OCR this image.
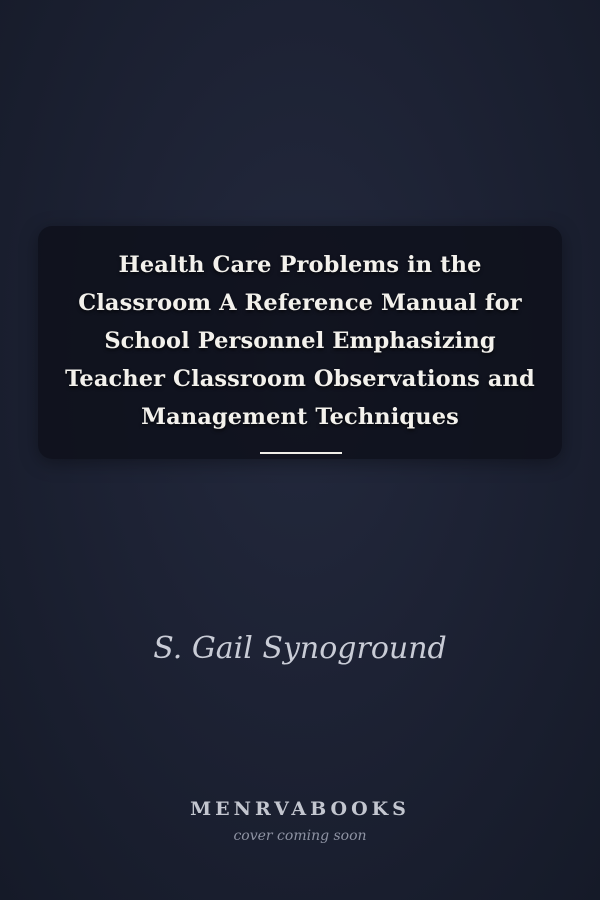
Health Care Problems in the Classroom A Reference Manual for School Personnel Emphasizing Teacher Classroom Observations and Management Techniques
S. Gail Synoground
MENRVABOOKS
cover coming soon
